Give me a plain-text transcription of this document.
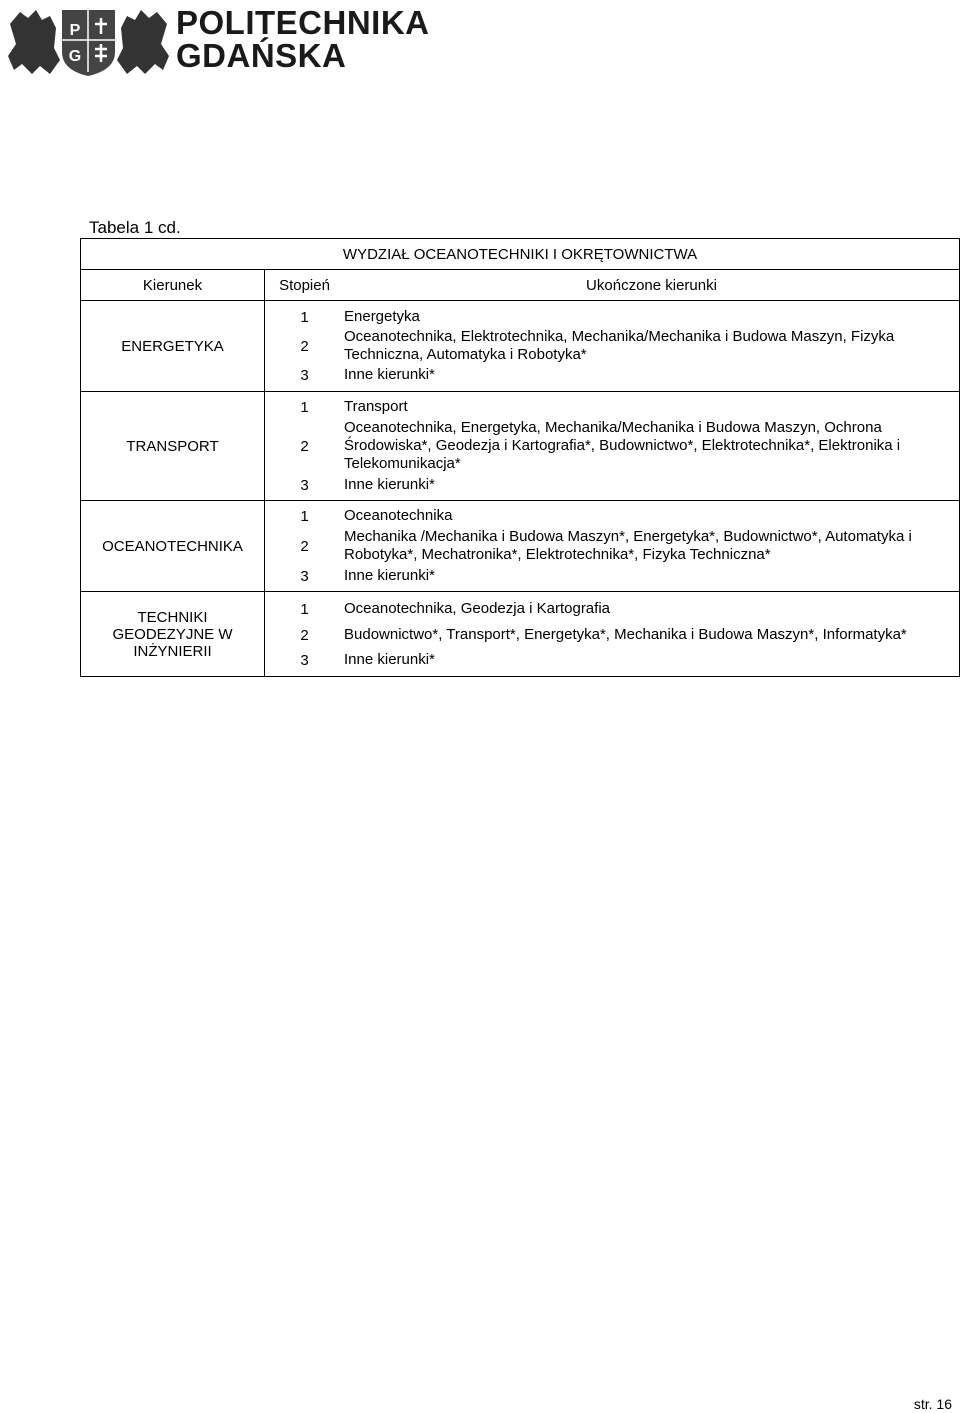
P
G
POLITECHNIKA
GDAŃSKA
Tabela 1 cd.
WYDZIAŁ OCEANOTECHNIKI I OKRĘTOWNICTWA
Kierunek	Stopień	Ukończone kierunki
ENERGETYKA	

1	Energetyka
2	Oceanotechnika, Elektrotechnika, Mechanika/Mechanika i Budowa Maszyn, Fizyka Techniczna, Automatyka i Robotyka*
3	Inne kierunki*

TRANSPORT	

1	Transport
2	Oceanotechnika, Energetyka, Mechanika/Mechanika i Budowa Maszyn, Ochrona Środowiska*, Geodezja i Kartografia*, Budownictwo*, Elektrotechnika*, Elektronika i Telekomunikacja*
3	Inne kierunki*

OCEANOTECHNIKA	

1	Oceanotechnika
2	Mechanika /Mechanika i Budowa Maszyn*, Energetyka*, Budownictwo*, Automatyka i Robotyka*, Mechatronika*, Elektrotechnika*, Fizyka Techniczna*
3	Inne kierunki*

TECHNIKI GEODEZYJNE W INŻYNIERII	

1	Oceanotechnika, Geodezja i Kartografia
2	Budownictwo*, Transport*, Energetyka*, Mechanika i Budowa Maszyn*, Informatyka*
3	Inne kierunki*

str. 16
